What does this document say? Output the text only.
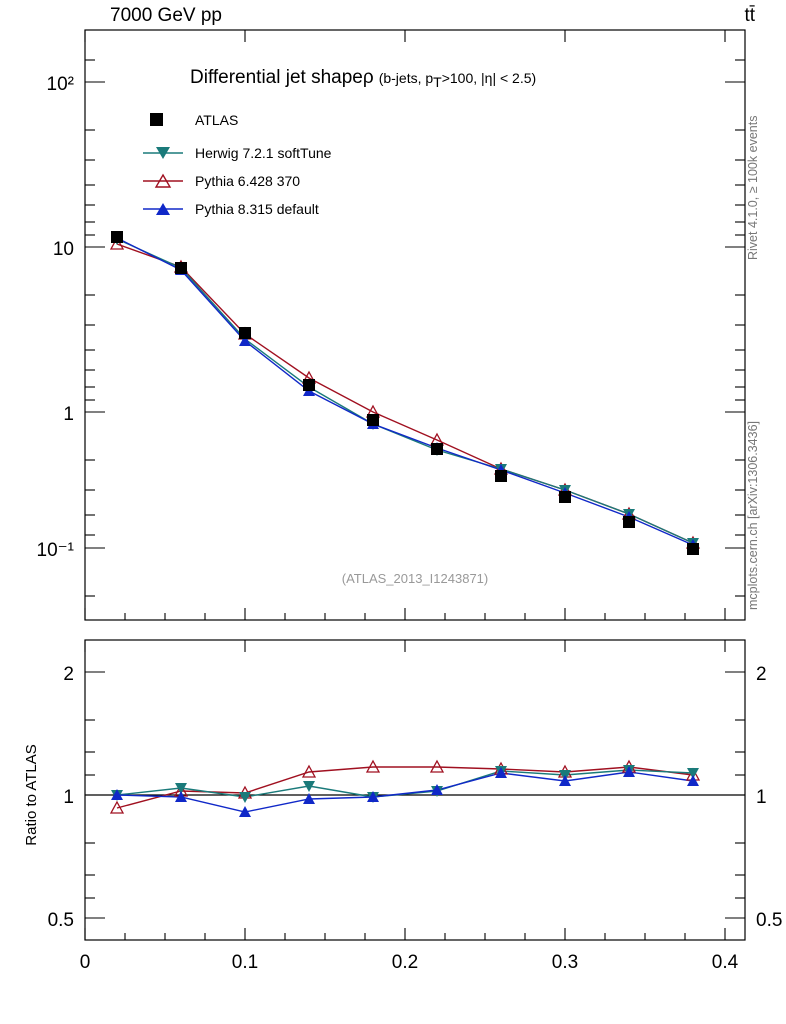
7000 GeV pp	tt̄
Rivet 4.1.0, ≥ 100k events
mcplots.cern.ch [arXiv:1306.3436]
10²
10
1
10⁻¹
Differential jet shapeρ (b-jets, $p_T^{>100, |\eta| < 2.5)}$
ATLAS
Herwig 7.2.1 softTune
Pythia 6.428 370
Pythia 8.315 default
(ATLAS_2013_I1243871)
2
1
0.5
2
1
0.5
Ratio to ATLAS
0	0.1	0.2	0.3	0.4
